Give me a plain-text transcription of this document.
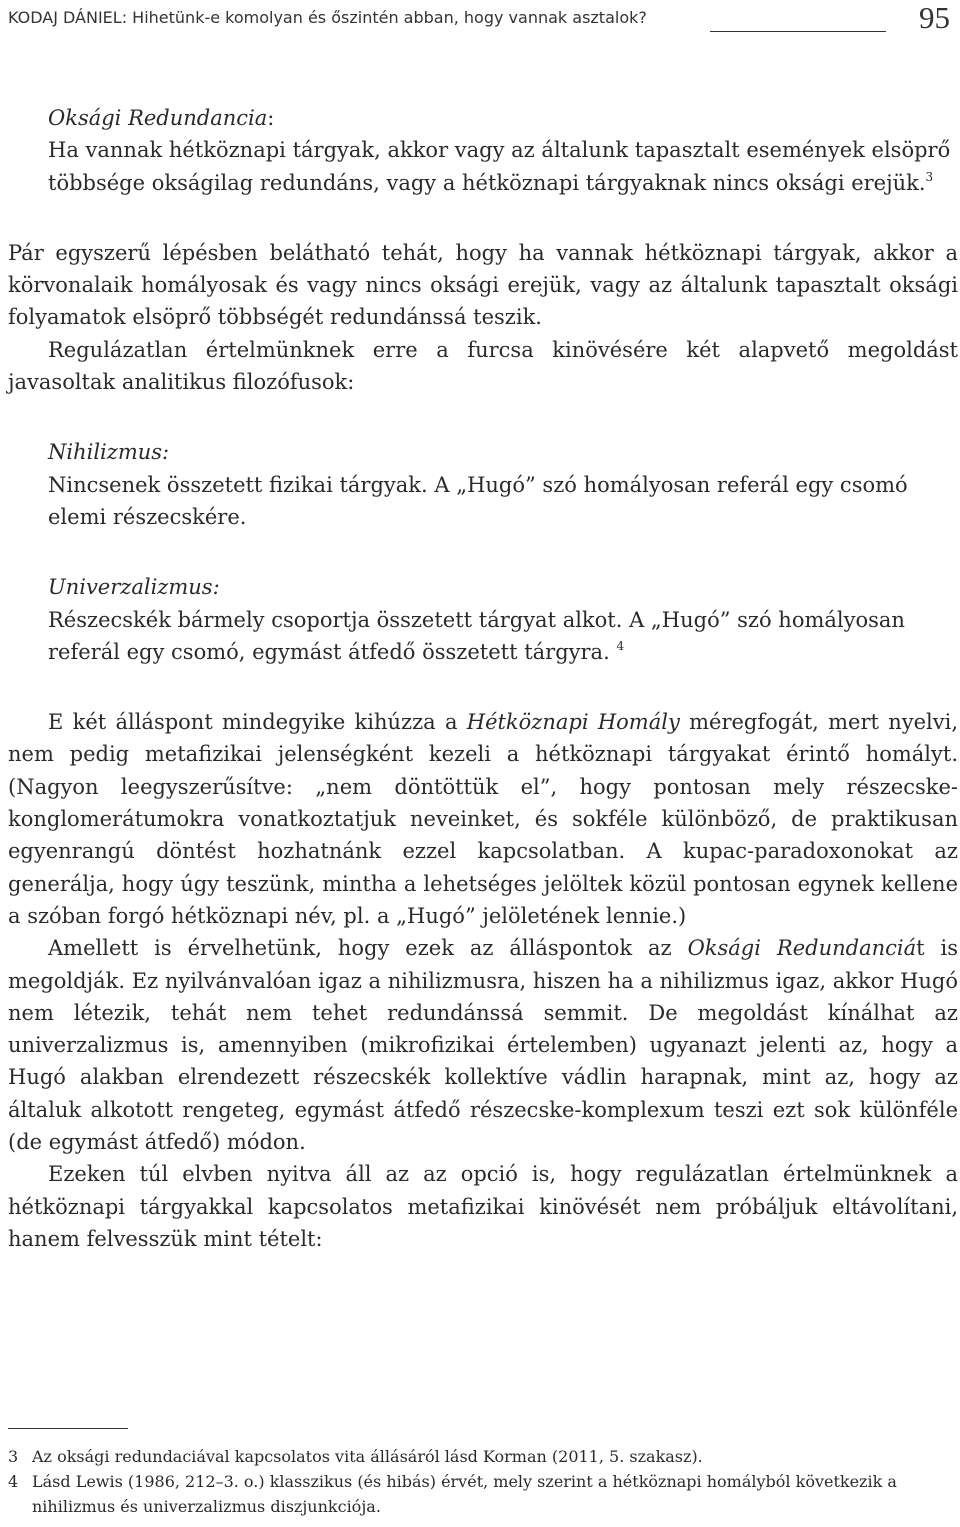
KODAJ DÁNIEL: Hihetünk-e komolyan és őszintén abban, hogy vannak asztalok?	95

Oksági Redundancia:

Ha vannak hétköznapi tárgyak, akkor vagy az általunk tapasztalt események elsöprő többsége okságilag redundáns, vagy a hétköznapi tárgyaknak nincs oksági erejük.$^3$

Pár egyszerű lépésben belátható tehát, hogy ha vannak hétköznapi tárgyak, akkor a körvonalaik homályosak és vagy nincs oksági erejük, vagy az általunk tapasztalt oksági folyamatok elsöprő többségét redundánssá teszik.

Regulázatlan értelmünknek erre a furcsa kinövésére két alapvető megoldást javasoltak analitikus filozófusok:

Nihilizmus:

Nincsenek összetett fizikai tárgyak. A „Hugó” szó homályosan referál egy csomó elemi részecskére.

Univerzalizmus:

Részecskék bármely csoportja összetett tárgyat alkot. A „Hugó” szó homályosan referál egy csomó, egymást átfedő összetett tárgyra. $^4$

E két álláspont mindegyike kihúzza a Hétköznapi Homály méregfogát, mert nyelvi, nem pedig metafizikai jelenségként kezeli a hétköznapi tárgyakat érintő homályt. (Nagyon leegyszerűsítve: „nem döntöttük el”, hogy pontosan mely részecske-konglomerátumokra vonatkoztatjuk neveinket, és sokféle különböző, de praktikusan egyenrangú döntést hozhatnánk ezzel kapcsolatban. A kupac-paradoxonokat az generálja, hogy úgy teszünk, mintha a lehetséges jelöltek közül pontosan egynek kellene a szóban forgó hétköznapi név, pl. a „Hugó” jelöletének lennie.)

Amellett is érvelhetünk, hogy ezek az álláspontok az Oksági Redundanciát is megoldják. Ez nyilvánvalóan igaz a nihilizmusra, hiszen ha a nihilizmus igaz, akkor Hugó nem létezik, tehát nem tehet redundánssá semmit. De megoldást kínálhat az univerzalizmus is, amennyiben (mikrofizikai értelemben) ugyanazt jelenti az, hogy a Hugó alakban elrendezett részecskék kollektíve vádlin harapnak, mint az, hogy az általuk alkotott rengeteg, egymást átfedő részecske-komplexum teszi ezt sok különféle (de egymást átfedő) módon.

Ezeken túl elvben nyitva áll az az opció is, hogy regulázatlan értelmünknek a hétköznapi tárgyakkal kapcsolatos metafizikai kinövését nem próbáljuk eltávolítani, hanem felvesszük mint tételt:

3 Az oksági redundaciával kapcsolatos vita állásáról lásd Korman (2011, 5. szakasz).
4 Lásd Lewis (1986, 212–3. o.) klasszikus (és hibás) érvét, mely szerint a hétköznapi homályból következik a nihilizmus és univerzalizmus diszjunkciója.
